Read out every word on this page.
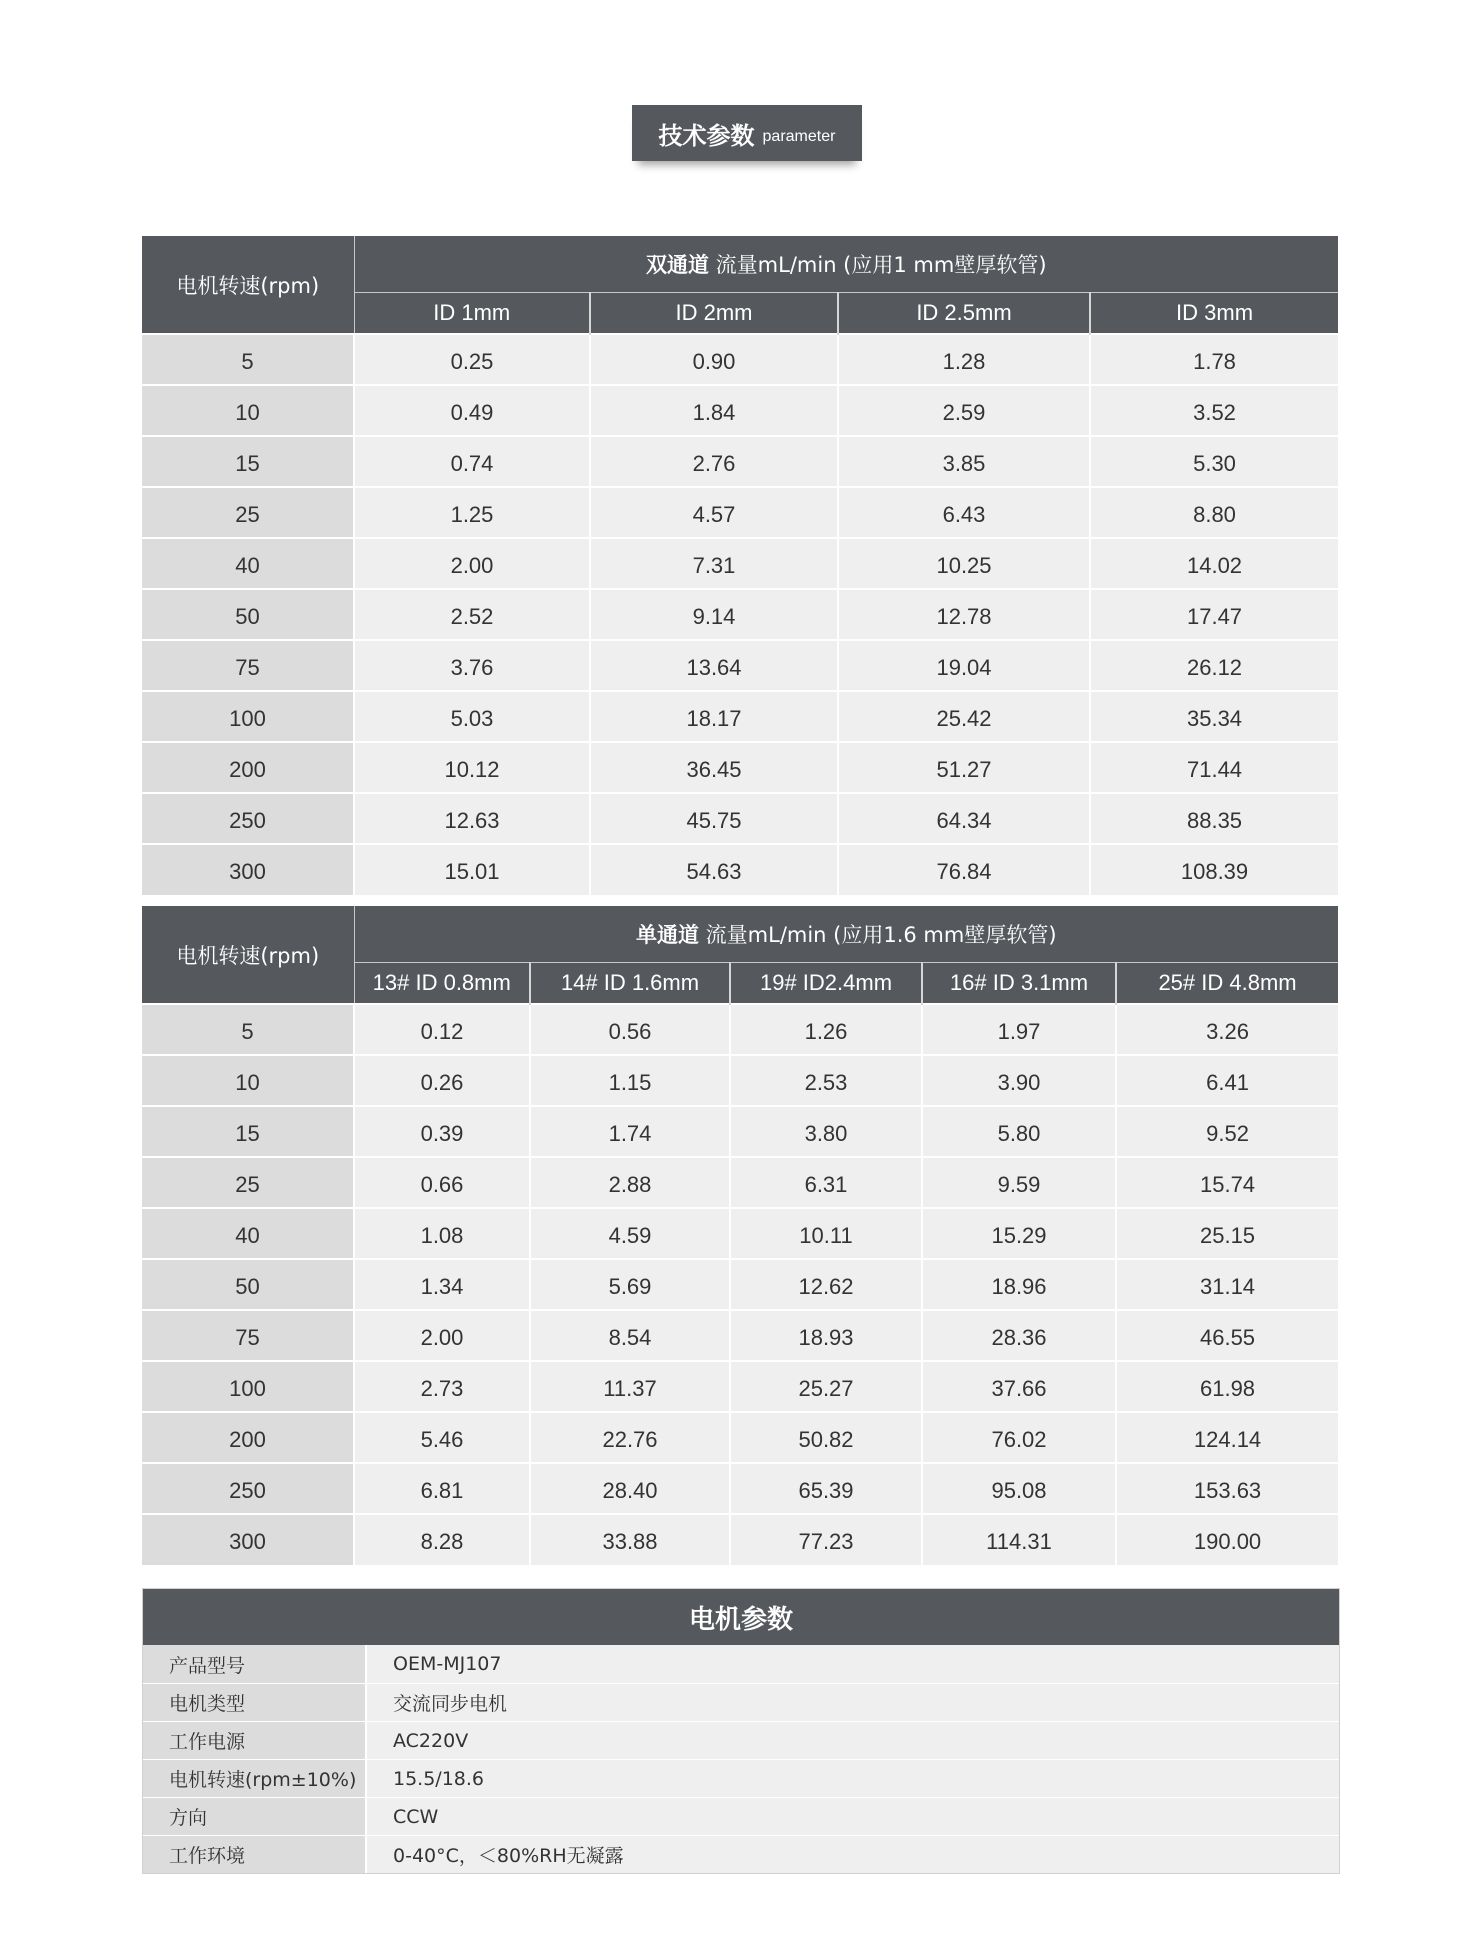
技术参数 parameter
电机转速(rpm)	双通道 流量mL/min (应用1 mm壁厚软管)			
	ID 1mm	ID 2mm	ID 2.5mm	ID 3mm
5	0.25	0.90	1.28	1.78
10	0.49	1.84	2.59	3.52
15	0.74	2.76	3.85	5.30
25	1.25	4.57	6.43	8.80
40	2.00	7.31	10.25	14.02
50	2.52	9.14	12.78	17.47
75	3.76	13.64	19.04	26.12
100	5.03	18.17	25.42	35.34
200	10.12	36.45	51.27	71.44
250	12.63	45.75	64.34	88.35
300	15.01	54.63	76.84	108.39
电机转速(rpm)	单通道 流量mL/min (应用1.6 mm壁厚软管)				
	13# ID 0.8mm	14# ID 1.6mm	19# ID2.4mm	16# ID 3.1mm	25# ID 4.8mm
5	0.12	0.56	1.26	1.97	3.26
10	0.26	1.15	2.53	3.90	6.41
15	0.39	1.74	3.80	5.80	9.52
25	0.66	2.88	6.31	9.59	15.74
40	1.08	4.59	10.11	15.29	25.15
50	1.34	5.69	12.62	18.96	31.14
75	2.00	8.54	18.93	28.36	46.55
100	2.73	11.37	25.27	37.66	61.98
200	5.46	22.76	50.82	76.02	124.14
250	6.81	28.40	65.39	95.08	153.63
300	8.28	33.88	77.23	114.31	190.00
电机参数
产品型号	OEM-MJ107
电机类型	交流同步电机
工作电源	AC220V
电机转速(rpm±10%)	15.5/18.6
方向	CCW
工作环境	0-40°C，＜80%RH无凝露
